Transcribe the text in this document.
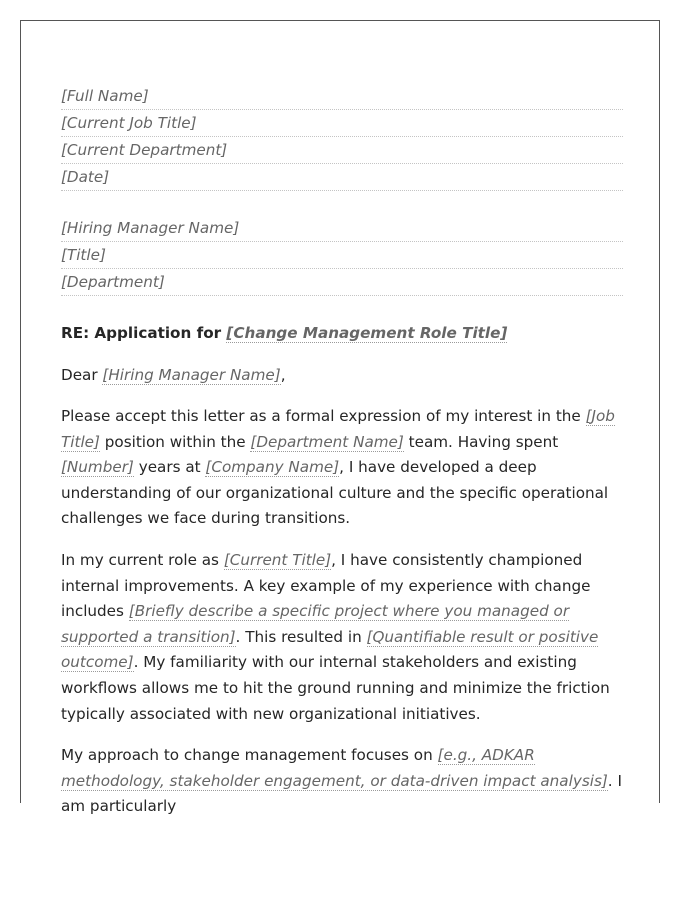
[Full Name]
[Current Job Title]
[Current Department]
[Date]
[Hiring Manager Name]
[Title]
[Department]
RE: Application for [Change Management Role Title]
Dear [Hiring Manager Name],

Please accept this letter as a formal expression of my interest in the [Job Title] position within the [Department Name] team. Having spent [Number] years at [Company Name], I have developed a deep understanding of our organizational culture and the specific operational challenges we face during transitions.

In my current role as [Current Title], I have consistently championed internal improvements. A key example of my experience with change includes [Briefly describe a specific project where you managed or supported a transition]. This resulted in [Quantifiable result or positive outcome]. My familiarity with our internal stakeholders and existing workflows allows me to hit the ground running and minimize the friction typically associated with new organizational initiatives.

My approach to change management focuses on [e.g., ADKAR methodology, stakeholder engagement, or data-driven impact analysis]. I am particularly
